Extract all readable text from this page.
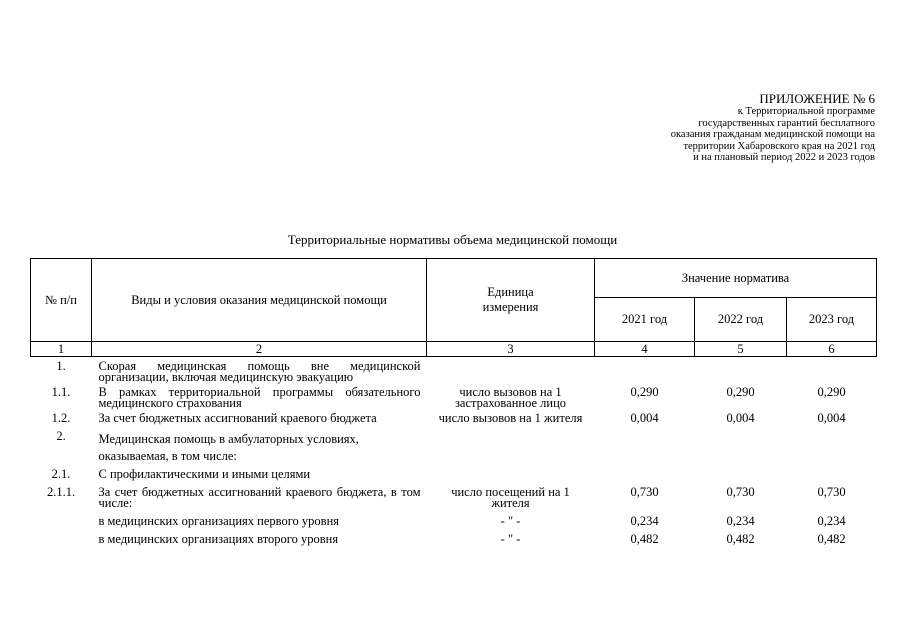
ПРИЛОЖЕНИЕ № 6
к Территориальной программе
государственных гарантий бесплатного
оказания гражданам медицинской помощи на
территории Хабаровского края на 2021 год
и на плановый период 2022 и 2023 годов
Территориальные нормативы объема медицинской помощи
№ п/п	Виды и условия оказания медицинской помощи	Единица измерения	Значение норматива		
			2021 год	2022 год	2023 год
1	2	3	4	5	6
1.	Скорая медицинская помощь вне медицинской организации, включая медицинскую эвакуацию				
1.1.	В рамках территориальной программы обязательного медицинского страхования	число вызовов на 1 застрахованное лицо	0,290	0,290	0,290
1.2.	За счет бюджетных ассигнований краевого бюджета	число вызовов на 1 жителя	0,004	0,004	0,004
2.	Медицинская помощь в амбулаторных условиях, оказываемая, в том числе:				
2.1.	С профилактическими и иными целями				
2.1.1.	За счет бюджетных ассигнований краевого бюджета, в том числе:	число посещений на 1 жителя	0,730	0,730	0,730
	в медицинских организациях первого уровня	- " -	0,234	0,234	0,234
	в медицинских организациях второго уровня	- " -	0,482	0,482	0,482
